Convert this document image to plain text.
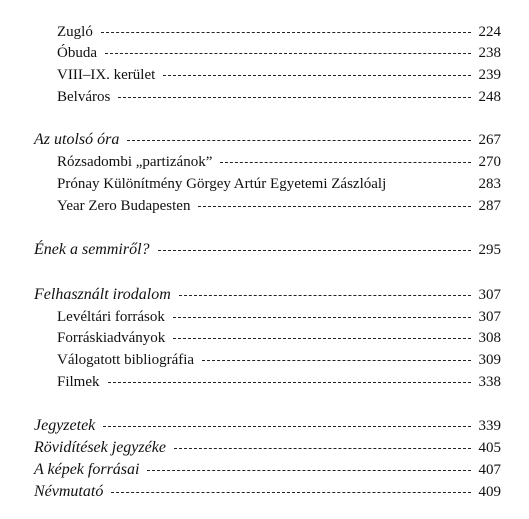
Zugló	224
Óbuda	238
VIII–IX. kerület	239
Belváros	248
Az utolsó óra	267
Rózsadombi „partizánok”	270
Prónay Különítmény Görgey Artúr Egyetemi Zászlóalj	283
Year Zero Budapesten	287
Ének a semmiről?	295
Felhasznált irodalom	307
Levéltári források	307
Forráskiadványok	308
Válogatott bibliográfia	309
Filmek	338
Jegyzetek	339
Rövidítések jegyzéke	405
A képek forrásai	407
Névmutató	409
